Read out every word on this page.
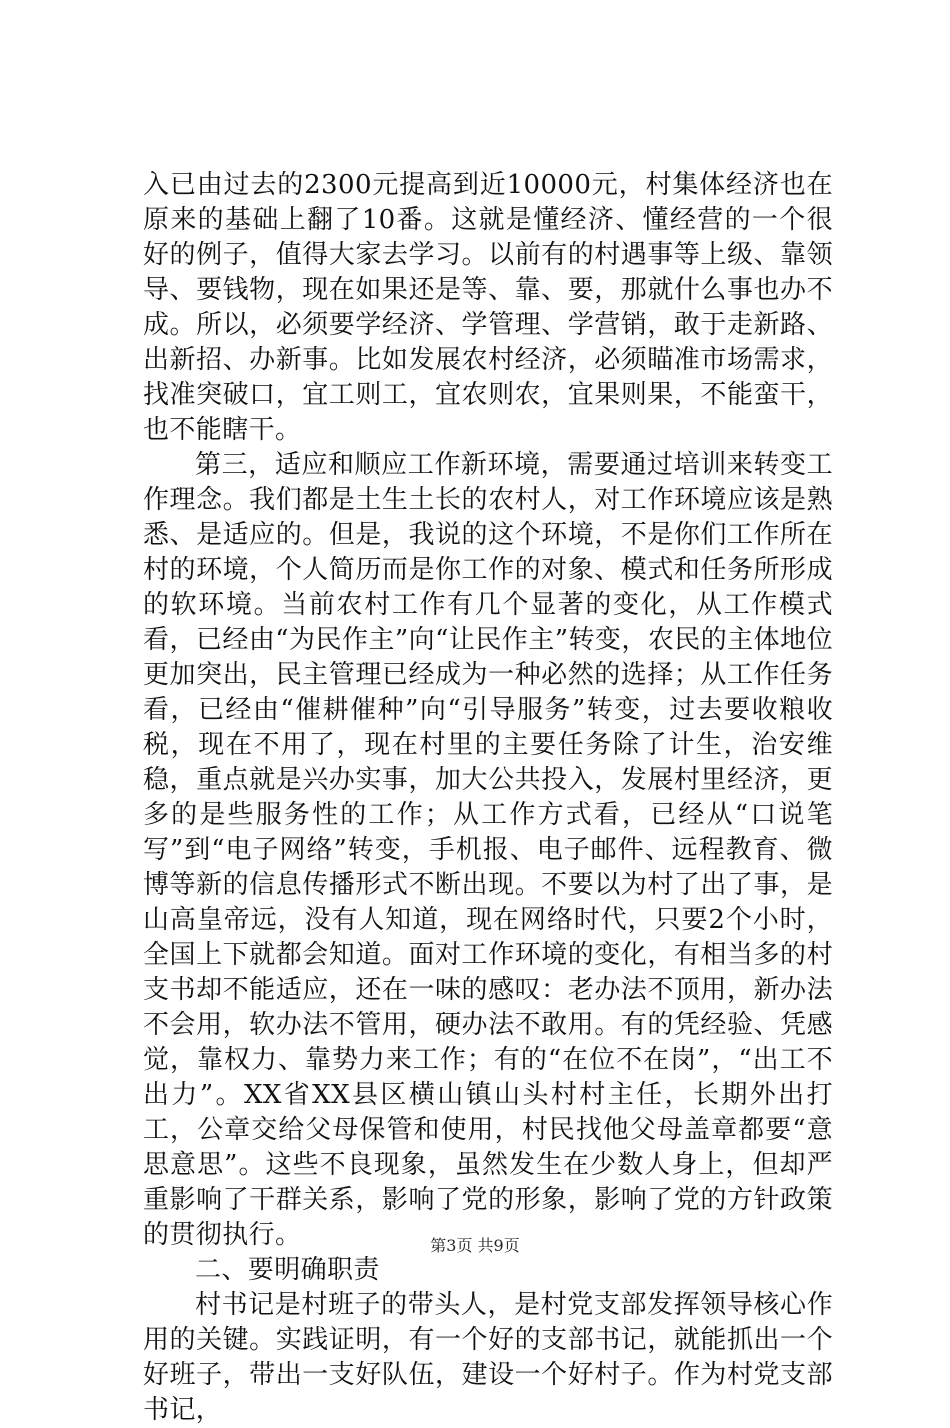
入已由过去的2300元提高到近10000元，村集体经济也在原来的基础上翻了10番。这就是懂经济、懂经营的一个很好的例子，值得大家去学习。以前有的村遇事等上级、靠领导、要钱物，现在如果还是等、靠、要，那就什么事也办不成。所以，必须要学经济、学管理、学营销，敢于走新路、出新招、办新事。比如发展农村经济，必须瞄准市场需求，找准突破口，宜工则工，宜农则农，宜果则果，不能蛮干，也不能瞎干。

第三，适应和顺应工作新环境，需要通过培训来转变工作理念。我们都是土生土长的农村人，对工作环境应该是熟悉、是适应的。但是，我说的这个环境，不是你们工作所在村的环境，个人简历而是你工作的对象、模式和任务所形成的软环境。当前农村工作有几个显著的变化，从工作模式看，已经由“为民作主”向“让民作主”转变，农民的主体地位更加突出，民主管理已经成为一种必然的选择；从工作任务看，已经由“催耕催种”向“引导服务”转变，过去要收粮收税，现在不用了，现在村里的主要任务除了计生，治安维稳，重点就是兴办实事，加大公共投入，发展村里经济，更多的是些服务性的工作；从工作方式看，已经从“口说笔写”到“电子网络”转变，手机报、电子邮件、远程教育、微博等新的信息传播形式不断出现。不要以为村了出了事，是山高皇帝远，没有人知道，现在网络时代，只要2个小时，全国上下就都会知道。面对工作环境的变化，有相当多的村支书却不能适应，还在一味的感叹：老办法不顶用，新办法不会用，软办法不管用，硬办法不敢用。有的凭经验、凭感觉，靠权力、靠势力来工作；有的“在位不在岗”，“出工不出力”。XX省XX县区横山镇山头村村主任，长期外出打工，公章交给父母保管和使用，村民找他父母盖章都要“意思意思”。这些不良现象，虽然发生在少数人身上，但却严重影响了干群关系，影响了党的形象，影响了党的方针政策的贯彻执行。

二、要明确职责

村书记是村班子的带头人，是村党支部发挥领导核心作用的关键。实践证明，有一个好的支部书记，就能抓出一个好班子，带出一支好队伍，建设一个好村子。作为村党支部书记，

第3页 共9页
